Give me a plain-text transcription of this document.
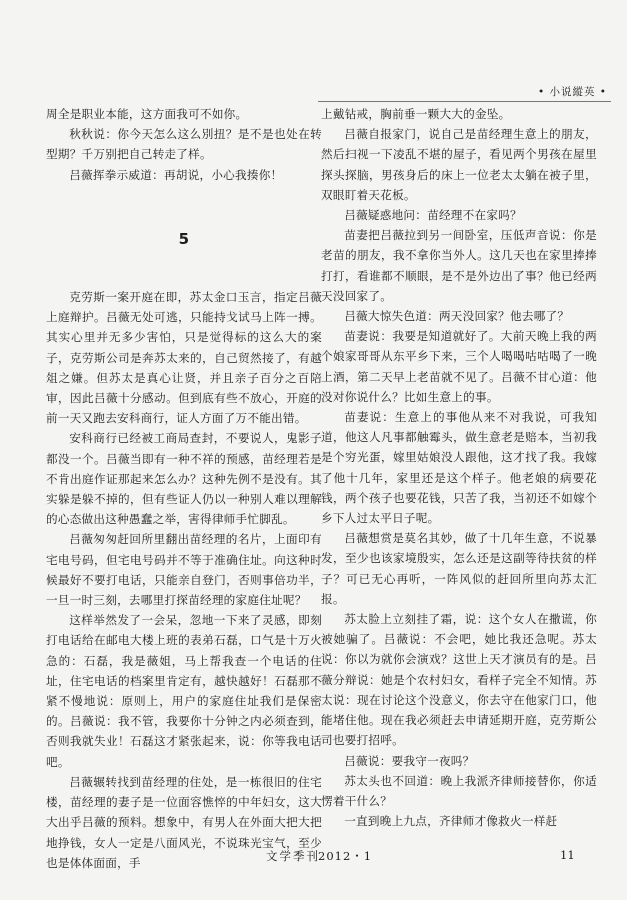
• 小说縱英 •

周全是职业本能，这方面我可不如你。

秋秋说：你今天怎么这么別扭？是不是也处在转型期？千万别把自己转走了样。

吕薇挥拳示威道：再胡说，小心我揍你！

5

克劳斯一案开庭在即，苏太金口玉言，指定吕薇上庭辩护。吕薇无处可逃，只能持戈试马上阵一搏。其实心里并无多少害怕，只是觉得标的这么大的案子，克劳斯公司是奔苏太来的，自己贸然接了，有越俎之嫌。但苏太是真心让贤，并且亲子百分之百陪审，因此吕薇十分感动。但到底有些不放心，开庭的前一天又跑去安科商行，证人方面了万不能出错。

安科商行已经被工商局查封，不要说人，鬼影子都没一个。吕薇当即有一种不祥的预感，苗经理若是不肯出庭作证那起来怎么办？这种先例不是没有。其实躲是躲不掉的，但有些证人仍以一种别人难以理解的心态做出这种愚蠢之举，害得律师手忙脚乱。

吕薇匆匆赶回所里翻出苗经理的名片，上面印有宅电号码，但宅电号码并不等于准确住址。向这种时候最好不要打电话，只能亲自登门，否则事倍功半，一旦一时三刻，去哪里打探苗经理的家庭住址呢？

这样举然发了一会呆，忽地一下来了灵感，即刻打电话给在邮电大楼上班的表弟石磊，口气是十万火急的：石磊，我是薇姐，马上帮我查一个电话的住址，住宅电话的档案里肯定有，越快越好！石磊那不紧不慢地说：原则上，用户的家庭住址我们是保密的。吕薇说：我不管，我要你十分钟之内必须查到，否则我就失业！石磊这才紧张起来，说：你等我电话吧。

吕薇辗转找到苗经理的住处，是一栋很旧的住宅楼，苗经理的妻子是一位面容憔悴的中年妇女，这大大出乎吕薇的预料。想象中，有男人在外面大把大把地挣钱，女人一定是八面风光，不说珠光宝气，至少也是体体面面，手

上戴钻戒，胸前垂一颗大大的金坠。

吕薇自报家门，说自己是苗经理生意上的朋友，然后扫视一下凌乱不堪的屋子，看见两个男孩在屋里探头探脑，男孩身后的床上一位老太太躺在被子里，双眼盯着天花板。

吕薇疑惑地问：苗经理不在家吗？

苗妻把吕薇拉到另一间卧室，压低声音说：你是老苗的朋友，我不拿你当外人。这几天也在家里捧捧打打，看谁都不顺眼，是不是外边出了事？他已经两天没回家了。

吕薇大惊失色道：两天没回家？他去哪了？

苗妻说：我要是知道就好了。大前天晚上我的两个娘家哥哥从东平乡下来，三个人喝喝咕咕喝了一晚上酒，第二天早上老苗就不见了。吕薇不甘心道：他没对你说什么？比如生意上的事。

苗妻说：生意上的事他从来不对我说，可我知道，他这人凡事都触霉头，做生意老是赔本，当初我是个穷光蛋，嫁里姑娘没人跟他，这才找了我。我嫁了他十几年，家里还是这个样子。他老娘的病要花钱，两个孩子也要花钱，只苦了我，当初还不如嫁个乡下人过太平日子呢。

吕薇想赏是莫名其妙，做了十几年生意，不说暴发，至少也该家境殷实，怎么还是这副等待扶贫的样子？可已无心再听，一阵风似的赶回所里向苏太汇报。

苏太脸上立刻挂了霜，说：这个女人在撒谎，你被她骗了。吕薇说：不会吧，她比我还急呢。苏太说：你以为就你会演戏？这世上天才演员有的是。吕薇分辩说：她是个农村妇女，看样子完全不知情。苏太说：现在讨论这个没意义，你去守在他家门口，他能堵住他。现在我必须赶去申请延期开庭，克劳斯公司也要打招呼。

吕薇说：要我守一夜吗？

苏太头也不回道：晚上我派齐律师接替你，你适愣着干什么？

一直到晚上九点，齐律师才像救火一样赶

文学季刊
2012・1	11
